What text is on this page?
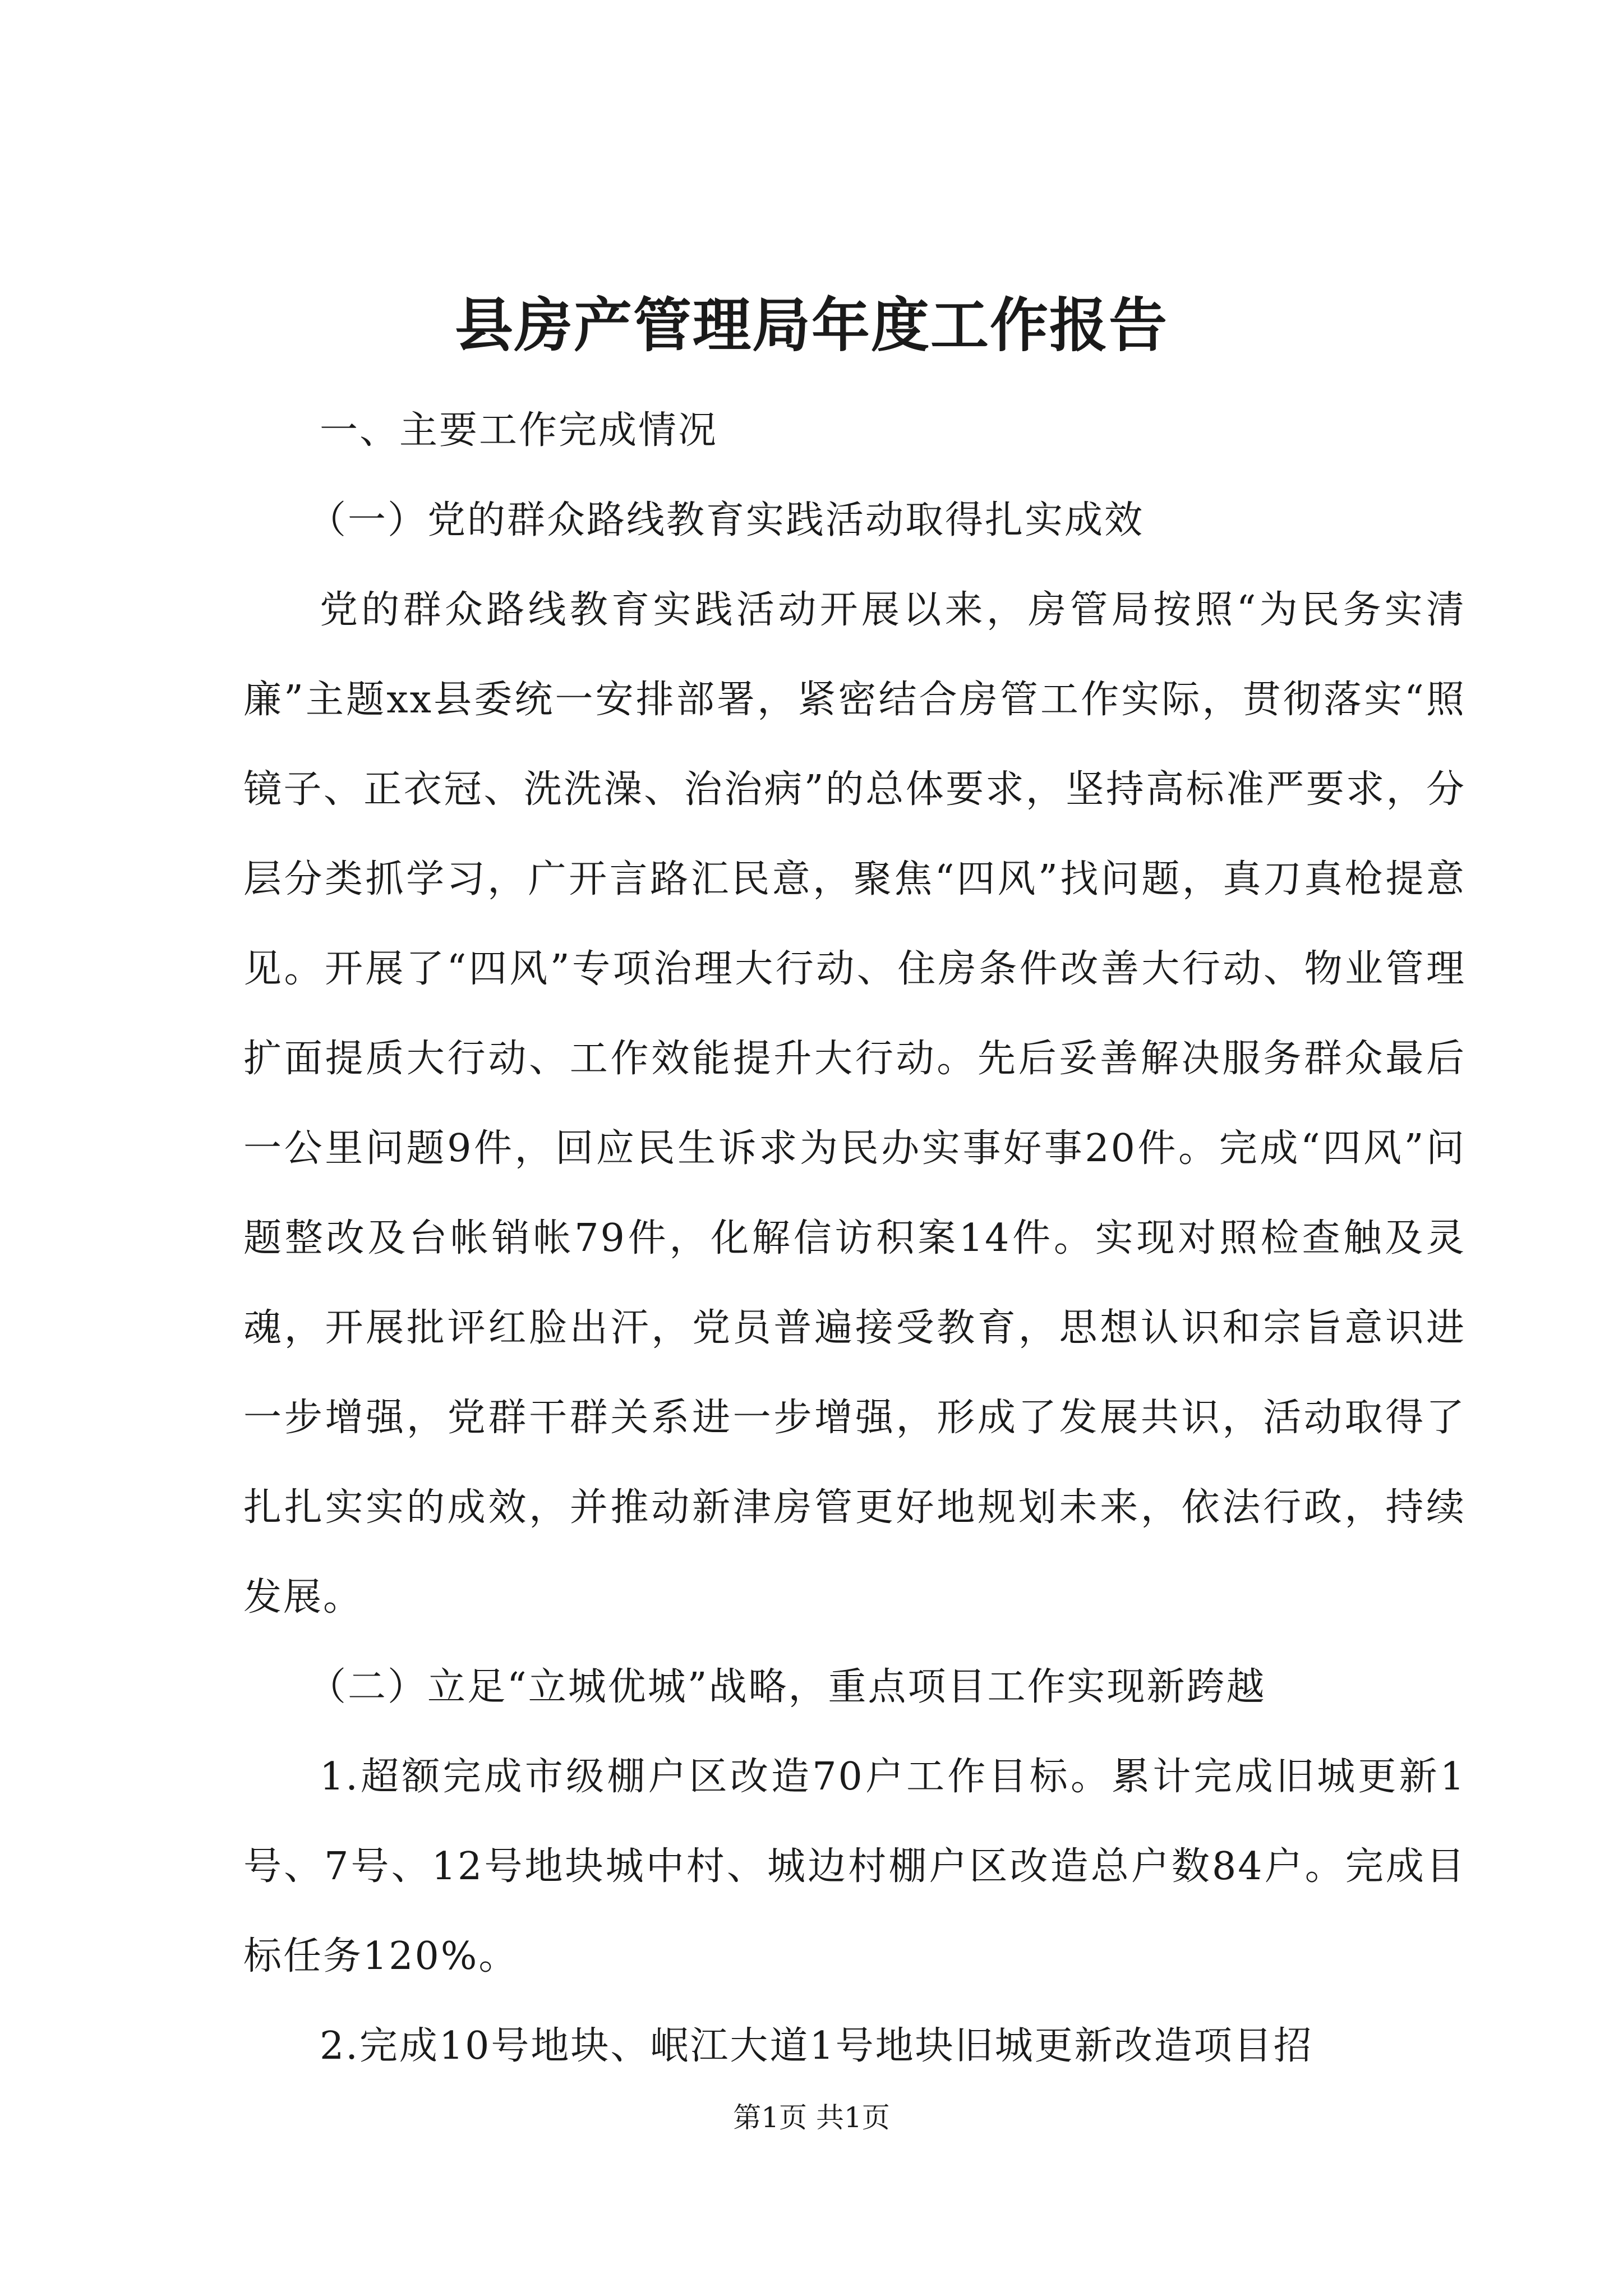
县房产管理局年度工作报告

一、主要工作完成情况

（一）党的群众路线教育实践活动取得扎实成效

党的群众路线教育实践活动开展以来，房管局按照“为民务实清廉”主题xx县委统一安排部署，紧密结合房管工作实际，贯彻落实“照镜子、正衣冠、洗洗澡、治治病”的总体要求，坚持高标准严要求，分层分类抓学习，广开言路汇民意，聚焦“四风”找问题，真刀真枪提意见。开展了“四风”专项治理大行动、住房条件改善大行动、物业管理扩面提质大行动、工作效能提升大行动。先后妥善解决服务群众最后一公里问题9件，回应民生诉求为民办实事好事20件。完成“四风”问题整改及台帐销帐79件，化解信访积案14件。实现对照检查触及灵魂，开展批评红脸出汗，党员普遍接受教育，思想认识和宗旨意识进一步增强，党群干群关系进一步增强，形成了发展共识，活动取得了扎扎实实的成效，并推动新津房管更好地规划未来，依法行政，持续发展。

（二）立足“立城优城”战略，重点项目工作实现新跨越

1.超额完成市级棚户区改造70户工作目标。累计完成旧城更新1号、7号、12号地块城中村、城边村棚户区改造总户数84户。完成目标任务120%。

2.完成10号地块、岷江大道1号地块旧城更新改造项目招

第1页 共1页
